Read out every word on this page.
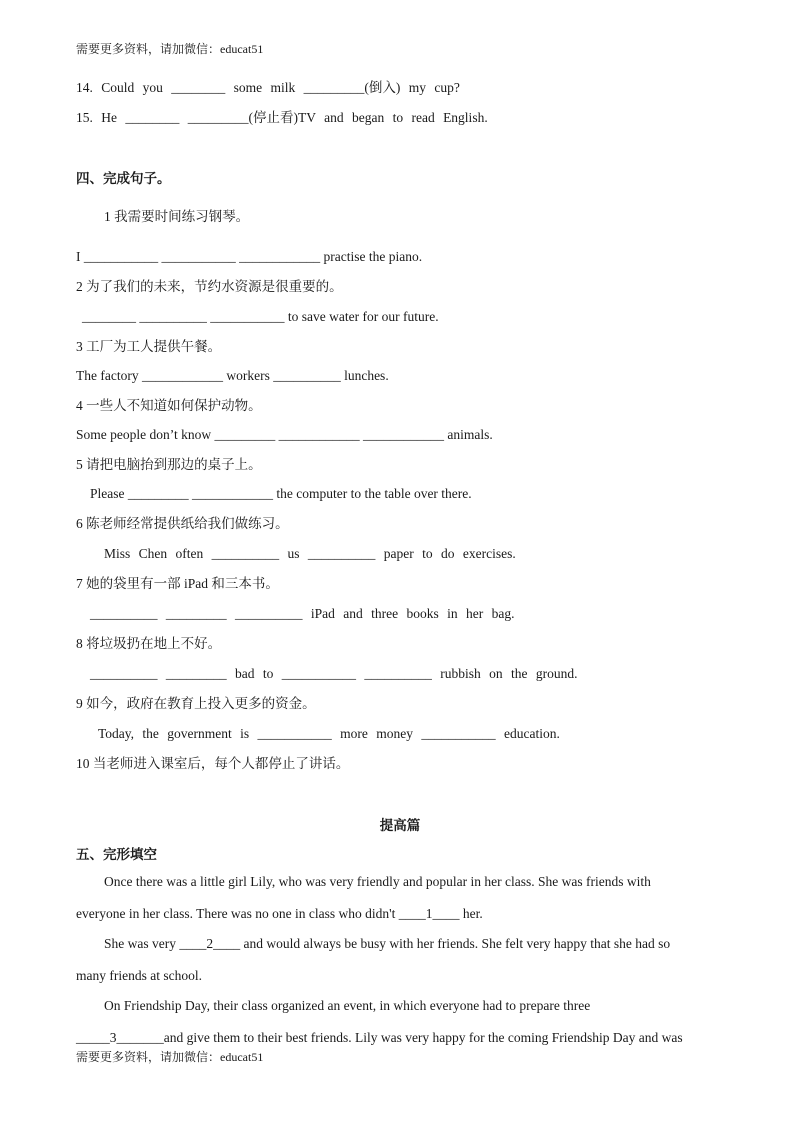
需要更多资料，请加微信：educat51
14. Could you ________ some milk _________(倒入) my cup?
15. He ________ _________(停止看)TV and began to read English.
四、完成句子。
1 我需要时间练习钢琴。
I ___________ ___________ ____________ practise the piano.
2 为了我们的未来，节约水资源是很重要的。
________ __________ ___________ to save water for our future.
3 工厂为工人提供午餐。
The factory ____________ workers __________ lunches.
4 一些人不知道如何保护动物。
Some people don’t know _________ ____________ ____________ animals.
5 请把电脑抬到那边的桌子上。
Please _________ ____________ the computer to the table over there.
6 陈老师经常提供纸给我们做练习。
Miss Chen often __________ us __________ paper to do exercises.
7 她的袋里有一部 iPad 和三本书。
__________ _________ __________ iPad and three books in her bag.
8 将垃圾扔在地上不好。
__________ _________ bad to ___________ __________ rubbish on the ground.
9 如今，政府在教育上投入更多的资金。
Today, the government is ___________ more money ___________ education.
10 当老师进入课室后，每个人都停止了讲话。
提高篇
五、完形填空
Once there was a little girl Lily, who was very friendly and popular in her class. She was friends with
everyone in her class. There was no one in class who didn't ____1____ her.
She was very ____2____ and would always be busy with her friends. She felt very happy that she had so
many friends at school.
On Friendship Day, their class organized an event, in which everyone had to prepare three
_____3_______and give them to their best friends. Lily was very happy for the coming Friendship Day and was
需要更多资料，请加微信：educat51
